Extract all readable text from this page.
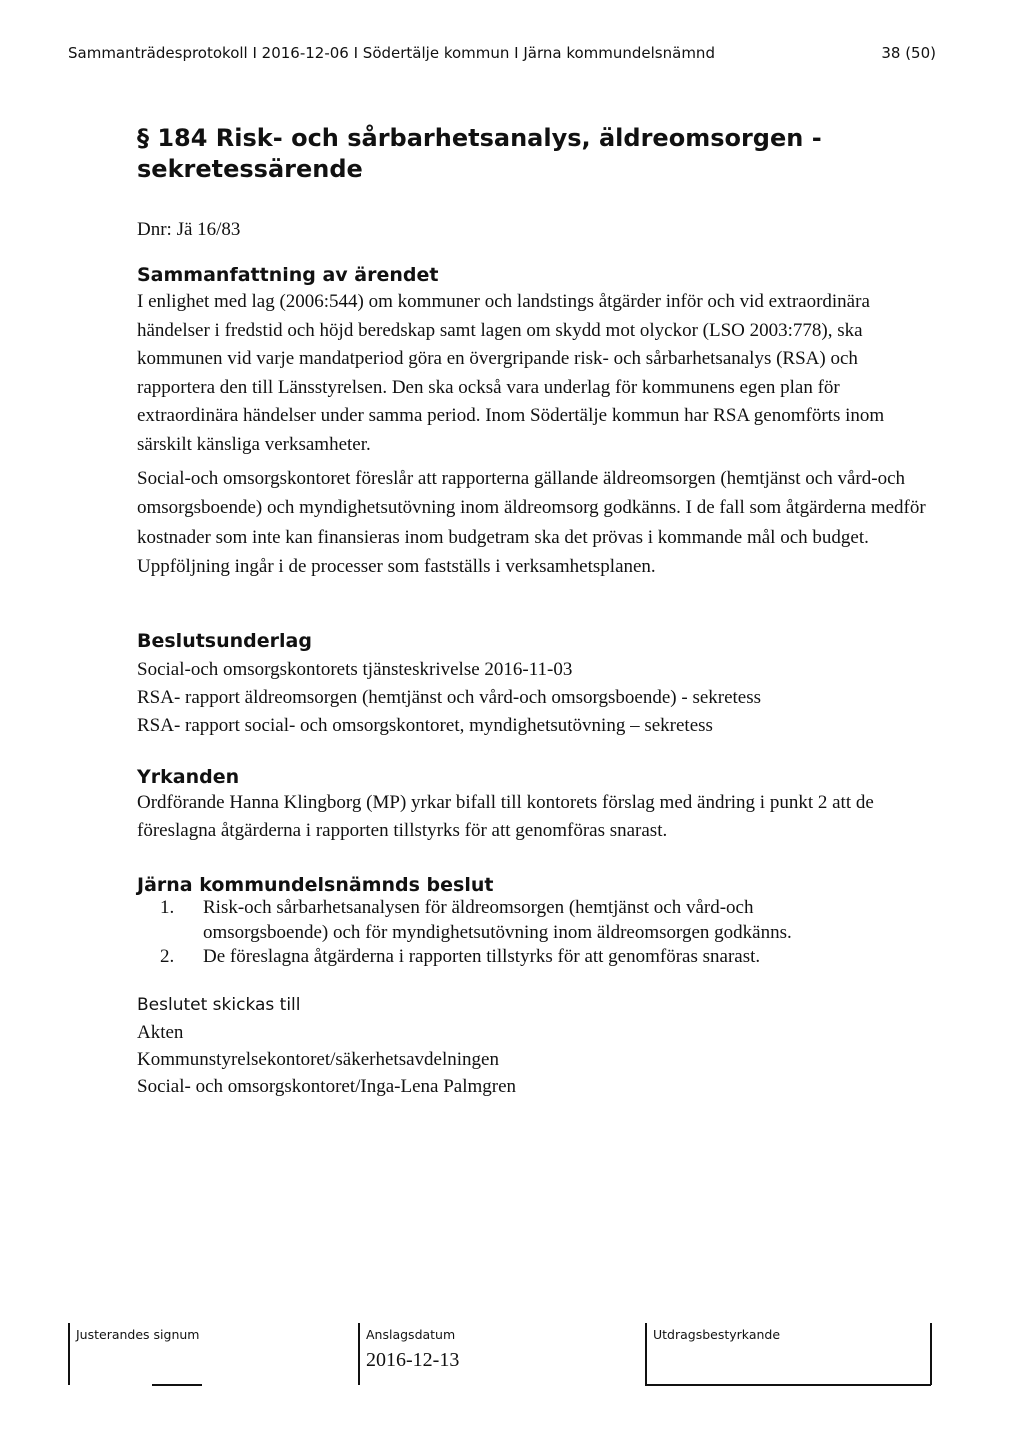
Sammanträdesprotokoll I 2016-12-06 I Södertälje kommun I Järna kommundelsnämnd	38 (50)
§ 184 Risk- och sårbarhetsanalys, äldreomsorgen - sekretessärende
Dnr: Jä 16/83
Sammanfattning av ärendet
I enlighet med lag (2006:544) om kommuner och landstings åtgärder inför och vid extraordinära händelser i fredstid och höjd beredskap samt lagen om skydd mot olyckor (LSO 2003:778), ska kommunen vid varje mandatperiod göra en övergripande risk- och sårbarhetsanalys (RSA) och rapportera den till Länsstyrelsen. Den ska också vara underlag för kommunens egen plan för extraordinära händelser under samma period. Inom Södertälje kommun har RSA genomförts inom särskilt känsliga verksamheter.
Social-och omsorgskontoret föreslår att rapporterna gällande äldreomsorgen (hemtjänst och vård-och omsorgsboende) och myndighetsutövning inom äldreomsorg godkänns. I de fall som åtgärderna medför kostnader som inte kan finansieras inom budgetram ska det prövas i kommande mål och budget. Uppföljning ingår i de processer som fastställs i verksamhetsplanen.
Beslutsunderlag
Social-och omsorgskontorets tjänsteskrivelse 2016-11-03
RSA- rapport äldreomsorgen (hemtjänst och vård-och omsorgsboende) - sekretess
RSA- rapport social- och omsorgskontoret, myndighetsutövning – sekretess
Yrkanden
Ordförande Hanna Klingborg (MP) yrkar bifall till kontorets förslag med ändring i punkt 2 att de föreslagna åtgärderna i rapporten tillstyrks för att genomföras snarast.
Järna kommundelsnämnds beslut
1.	Risk-och sårbarhetsanalysen för äldreomsorgen (hemtjänst och vård-och omsorgsboende) och för myndighetsutövning inom äldreomsorgen godkänns.
2.	De föreslagna åtgärderna i rapporten tillstyrks för att genomföras snarast.
Beslutet skickas till
Akten
Kommunstyrelsekontoret/säkerhetsavdelningen
Social- och omsorgskontoret/Inga-Lena Palmgren
Justerandes signum	Anslagsdatum
2016-12-13
Utdragsbestyrkande
